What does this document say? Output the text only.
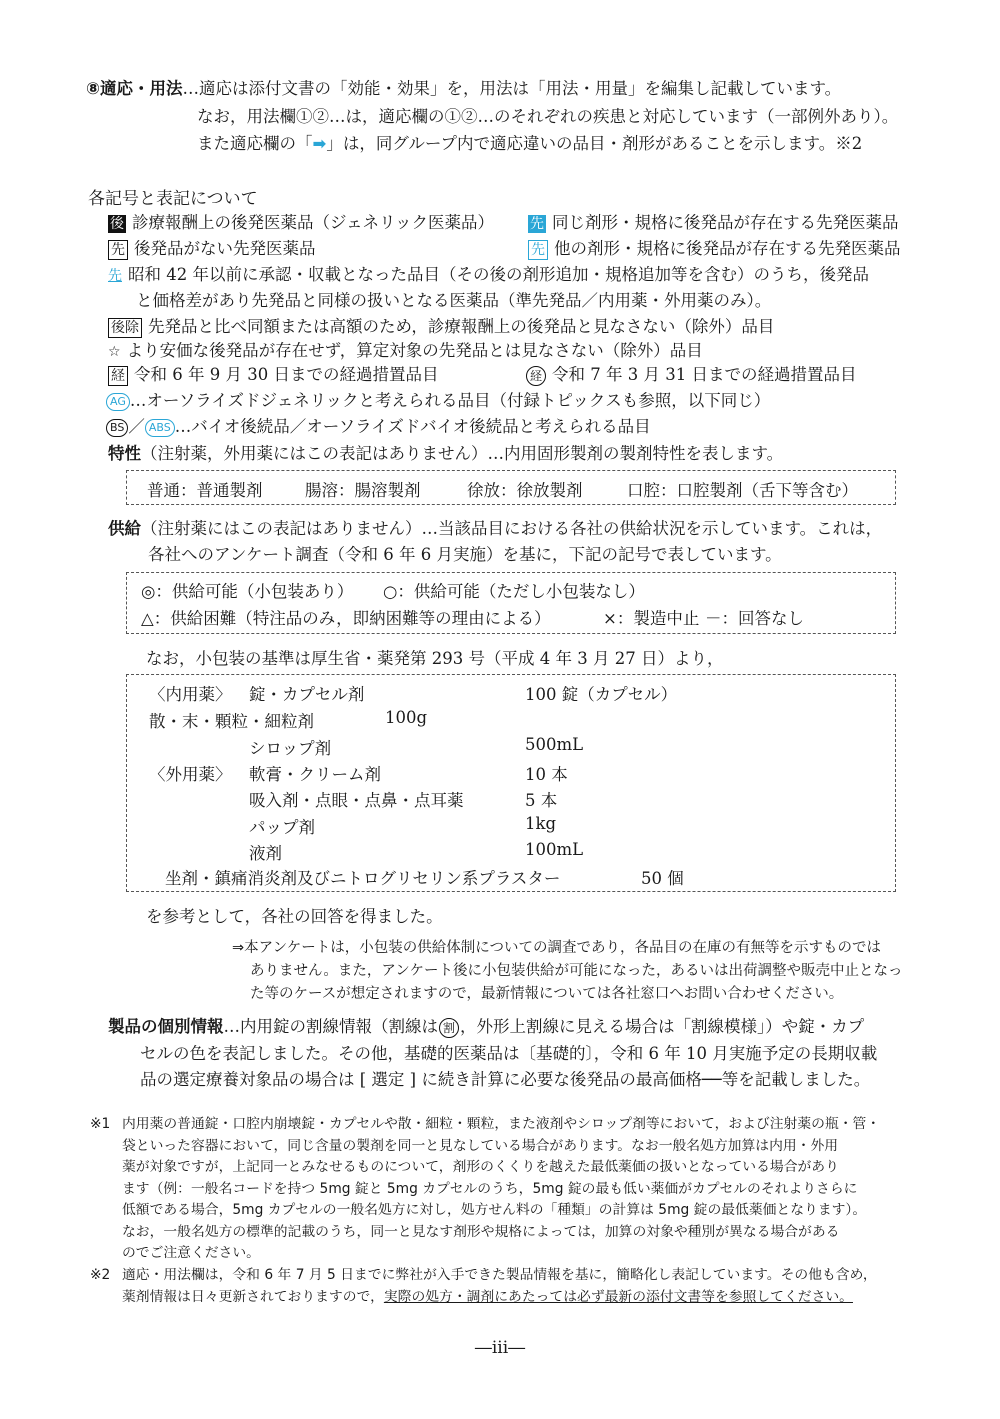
⑧適応・用法…適応は添付文書の「効能・効果」を，用法は「用法・用量」を編集し記載しています。
なお，用法欄①②…は，適応欄の①②…のそれぞれの疾患と対応しています（一部例外あり）。
また適応欄の「➡」は，同グループ内で適応違いの品目・剤形があることを示します。※2
各記号と表記について
後 診療報酬上の後発医薬品（ジェネリック医薬品）	先 同じ剤形・規格に後発品が存在する先発医薬品
先 後発品がない先発医薬品	先 他の剤形・規格に後発品が存在する先発医薬品
先 昭和 42 年以前に承認・収載となった品目（その後の剤形追加・規格追加等を含む）のうち，後発品
と価格差があり先発品と同様の扱いとなる医薬品（準先発品／内用薬・外用薬のみ）。
後除 先発品と比べ同額または高額のため，診療報酬上の後発品と見なさない（除外）品目
☆ より安価な後発品が存在せず，算定対象の先発品とは見なさない（除外）品目
経 令和 6 年 9 月 30 日までの経過措置品目	経 令和 7 年 3 月 31 日までの経過措置品目
AG …オーソライズドジェネリックと考えられる品目（付録トピックスも参照，以下同じ）
BS ／ ABS …バイオ後続品／オーソライズドバイオ後続品と考えられる品目
特性（注射薬，外用薬にはこの表記はありません）…内用固形製剤の製剤特性を表します。
普通：普通製剤	腸溶：腸溶製剤	徐放：徐放製剤	口腔：口腔製剤（舌下等含む）
供給（注射薬にはこの表記はありません）…当該品目における各社の供給状況を示しています。これは，
各社へのアンケート調査（令和 6 年 6 月実施）を基に，下記の記号で表しています。
◎：供給可能（小包装あり） ○：供給可能（ただし小包装なし）
△：供給困難（特注品のみ，即納困難等の理由による）	×：製造中止 －：回答なし
なお，小包装の基準は厚生省・薬発第 293 号（平成 4 年 3 月 27 日）より，
〈内用薬〉 錠・カプセル剤	100 錠（カプセル）
散・末・顆粒・細粒剤	100g
シロップ剤	500mL
〈外用薬〉 軟膏・クリーム剤	10 本
吸入剤・点眼・点鼻・点耳薬	5 本
パップ剤	1kg
液剤	100mL
坐剤・鎮痛消炎剤及びニトログリセリン系プラスター	50 個
を参考として，各社の回答を得ました。
⇒本アンケートは，小包装の供給体制についての調査であり，各品目の在庫の有無等を示すものでは
ありません。また，アンケート後に小包装供給が可能になった，あるいは出荷調整や販売中止となっ
た等のケースが想定されますので，最新情報については各社窓口へお問い合わせください。
製品の個別情報…内用錠の割線情報（割線は 割 ，外形上割線に見える場合は「割線模様」）や錠・カプ
セルの色を表記しました。その他，基礎的医薬品は〔基礎的〕，令和 6 年 10 月実施予定の長期収載
品の選定療養対象品の場合は [ 選定 ] に続き計算に必要な後発品の最高価格──等を記載しました。
※1 内用薬の普通錠・口腔内崩壊錠・カプセルや散・細粒・顆粒，また液剤やシロップ剤等において，および注射薬の瓶・管・
袋といった容器において，同じ含量の製剤を同一と見なしている場合があります。なお一般名処方加算は内用・外用
薬が対象ですが，上記同一とみなせるものについて，剤形のくくりを越えた最低薬価の扱いとなっている場合があり
ます（例：一般名コードを持つ 5mg 錠と 5mg カプセルのうち，5mg 錠の最も低い薬価がカプセルのそれよりさらに
低額である場合，5mg カプセルの一般名処方に対し，処方せん料の「種類」の計算は 5mg 錠の最低薬価となります）。
なお，一般名処方の標準的記載のうち，同一と見なす剤形や規格によっては，加算の対象や種別が異なる場合がある
のでご注意ください。
※2 適応・用法欄は，令和 6 年 7 月 5 日までに弊社が入手できた製品情報を基に，簡略化し表記しています。その他も含め，
薬剤情報は日々更新されておりますので，実際の処方・調剤にあたっては必ず最新の添付文書等を参照してください。
―iii―
